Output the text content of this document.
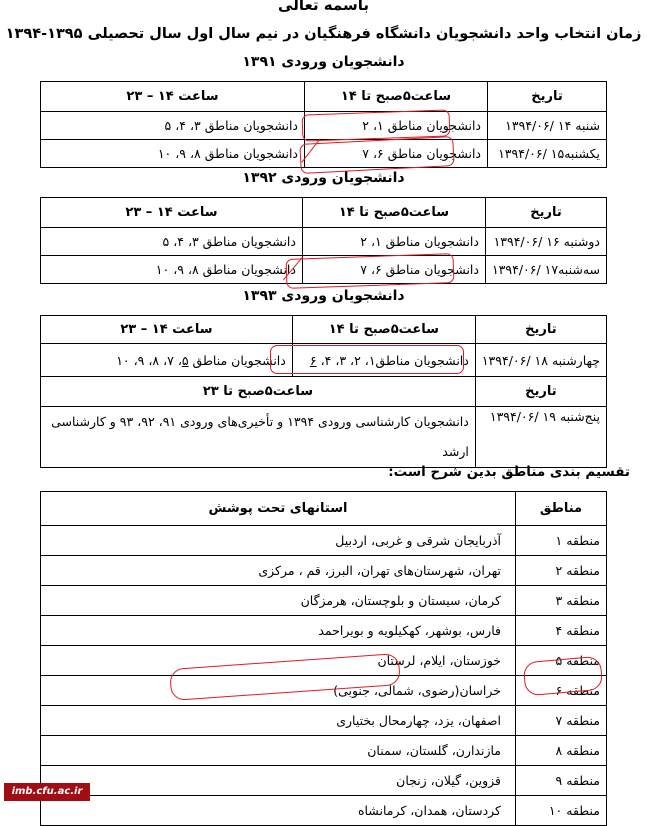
باسمه تعالی
زمان انتخاب واحد دانشجویان دانشگاه فرهنگیان در نیم سال اول سال تحصیلی ۱۳۹۵-۱۳۹۴
دانشجویان ورودی ۱۳۹۱
تاریخ	ساعت۵صبح تا ۱۴	ساعت ۱۴ – ۲۳
شنبه ۱۴ /۱۳۹۴/۰۶	دانشجویان مناطق ۱، ۲	دانشجویان مناطق ۳، ۴، ۵
یکشنبه۱۵ /۱۳۹۴/۰۶	دانشجویان مناطق ۶، ۷	دانشجویان مناطق ۸، ۹، ۱۰
دانشجویان ورودی ۱۳۹۲
تاریخ	ساعت۵صبح تا ۱۴	ساعت ۱۴ – ۲۳
دوشنبه ۱۶ /۱۳۹۴/۰۶	دانشجویان مناطق ۱، ۲	دانشجویان مناطق ۳، ۴، ۵
سه‌شنبه۱۷ /۱۳۹۴/۰۶	دانشجویان مناطق ۶، ۷	دانشجویان مناطق ۸، ۹، ۱۰
دانشجویان ورودی ۱۳۹۳
تاریخ	ساعت۵صبح تا ۱۴	ساعت ۱۴ – ۲۳
چهارشنبه ۱۸ /۱۳۹۴/۰۶	دانشجویان مناطق۱، ۲، ۳، ۴، ۶	دانشجویان مناطق ۵، ۷، ۸، ۹، ۱۰
تاریخ	ساعت۵صبح تا ۲۳	
پنج‌شنبه ۱۹ /۱۳۹۴/۰۶	دانشجویان کارشناسی ورودی ۱۳۹۴ و تأخیری‌های ورودی ۹۱، ۹۲، ۹۳ و کارشناسی ارشد	
تقسیم بندی مناطق بدین شرح است:
مناطق	استانهای تحت پوشش
منطقه ۱	آذربایجان شرقی و غربی، اردبیل
منطقه ۲	تهران، شهرستان‌های تهران، البرز، قم ، مرکزی
منطقه ۳	کرمان، سیستان و بلوچستان، هرمزگان
منطقه ۴	فارس، بوشهر، کهکیلویه و بویراحمد
منطقه ۵	خوزستان، ایلام، لرستان
منطقه ۶	خراسان(رضوی، شمالی، جنوبی)
منطقه ۷	اصفهان، یزد، چهارمحال بختیاری
منطقه ۸	مازندارن، گلستان، سمنان
منطقه ۹	قزوین، گیلان، زنجان
منطقه ۱۰	کردستان، همدان، کرمانشاه
imb.cfu.ac.ir
